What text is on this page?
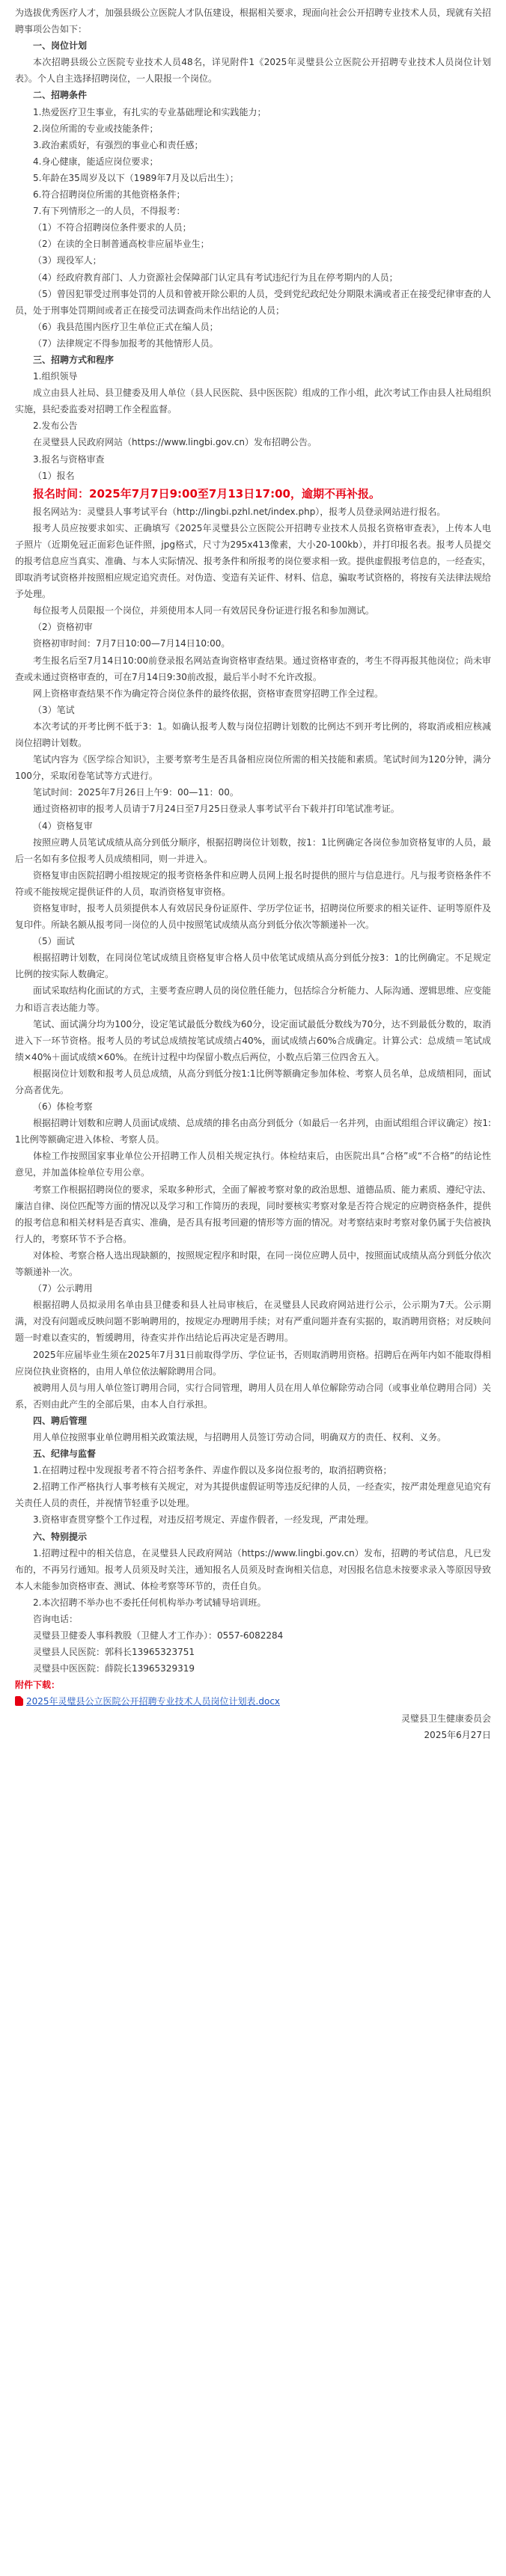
为选拔优秀医疗人才，加强县级公立医院人才队伍建设，根据相关要求，现面向社会公开招聘专业技术人员，现就有关招聘事项公告如下：

一、岗位计划

本次招聘县级公立医院专业技术人员48名，详见附件1《2025年灵璧县公立医院公开招聘专业技术人员岗位计划表》。个人自主选择招聘岗位，一人限报一个岗位。

二、招聘条件

1.热爱医疗卫生事业，有扎实的专业基础理论和实践能力；

2.岗位所需的专业或技能条件；

3.政治素质好，有强烈的事业心和责任感；

4.身心健康，能适应岗位要求；

5.年龄在35周岁及以下（1989年7月及以后出生）；

6.符合招聘岗位所需的其他资格条件；

7.有下列情形之一的人员，不得报考：

（1）不符合招聘岗位条件要求的人员；

（2）在读的全日制普通高校非应届毕业生；

（3）现役军人；

（4）经政府教育部门、人力资源社会保障部门认定具有考试违纪行为且在停考期内的人员；

（5）曾因犯罪受过刑事处罚的人员和曾被开除公职的人员，受到党纪政纪处分期限未满或者正在接受纪律审查的人员，处于刑事处罚期间或者正在接受司法调查尚未作出结论的人员；

（6）我县范围内医疗卫生单位正式在编人员；

（7）法律规定不得参加报考的其他情形人员。

三、招聘方式和程序

1.组织领导

成立由县人社局、县卫健委及用人单位（县人民医院、县中医医院）组成的工作小组，此次考试工作由县人社局组织实施，县纪委监委对招聘工作全程监督。

2.发布公告

在灵璧县人民政府网站（https://www.lingbi.gov.cn）发布招聘公告。

3.报名与资格审查

（1）报名

报名时间：2025年7月7日9:00至7月13日17:00，逾期不再补报。

报名网站为：灵璧县人事考试平台（http://lingbi.pzhl.net/index.php），报考人员登录网站进行报名。

报考人员应按要求如实、正确填写《2025年灵璧县公立医院公开招聘专业技术人员报名资格审查表》，上传本人电子照片（近期免冠正面彩色证件照，jpg格式，尺寸为295x413像素，大小20-100kb），并打印报名表。报考人员提交的报考信息应当真实、准确、与本人实际情况、报考条件和所报考的岗位要求相一致。提供虚假报考信息的，一经查实，即取消考试资格并按照相应规定追究责任。对伪造、变造有关证件、材料、信息，骗取考试资格的，将按有关法律法规给予处理。

每位报考人员限报一个岗位，并须使用本人同一有效居民身份证进行报名和参加测试。

（2）资格初审

资格初审时间：7月7日10:00—7月14日10:00。

考生报名后至7月14日10:00前登录报名网站查询资格审查结果。通过资格审查的，考生不得再报其他岗位；尚未审查或未通过资格审查的，可在7月14日9:30前改报，最后半小时不允许改报。

网上资格审查结果不作为确定符合岗位条件的最终依据，资格审查贯穿招聘工作全过程。

（3）笔试

本次考试的开考比例不低于3：1。如确认报考人数与岗位招聘计划数的比例达不到开考比例的，将取消或相应核减岗位招聘计划数。

笔试内容为《医学综合知识》，主要考察考生是否具备相应岗位所需的相关技能和素质。笔试时间为120分钟，满分100分，采取闭卷笔试等方式进行。

笔试时间：2025年7月26日上午9：00—11：00。

通过资格初审的报考人员请于7月24日至7月25日登录人事考试平台下载并打印笔试准考证。

（4）资格复审

按照应聘人员笔试成绩从高分到低分顺序，根据招聘岗位计划数，按1：1比例确定各岗位参加资格复审的人员，最后一名如有多位报考人员成绩相同，则一并进入。

资格复审由医院招聘小组按规定的报考资格条件和应聘人员网上报名时提供的照片与信息进行。凡与报考资格条件不符或不能按规定提供证件的人员，取消资格复审资格。

资格复审时，报考人员须提供本人有效居民身份证原件、学历学位证书，招聘岗位所要求的相关证件、证明等原件及复印件。所缺名额从报考同一岗位的人员中按照笔试成绩从高分到低分依次等额递补一次。

（5）面试

根据招聘计划数，在同岗位笔试成绩且资格复审合格人员中依笔试成绩从高分到低分按3：1的比例确定。不足规定比例的按实际人数确定。

面试采取结构化面试的方式，主要考查应聘人员的岗位胜任能力，包括综合分析能力、人际沟通、逻辑思维、应变能力和语言表达能力等。

笔试、面试满分均为100分，设定笔试最低分数线为60分，设定面试最低分数线为70分，达不到最低分数的，取消进入下一环节资格。报考人员的考试总成绩按笔试成绩占40%，面试成绩占60%合成确定。计算公式：总成绩＝笔试成绩×40%＋面试成绩×60%。在统计过程中均保留小数点后两位，小数点后第三位四舍五入。

根据岗位计划数和报考人员总成绩，从高分到低分按1:1比例等额确定参加体检、考察人员名单，总成绩相同，面试分高者优先。

（6）体检考察

根据招聘计划数和应聘人员面试成绩、总成绩的排名由高分到低分（如最后一名并列，由面试组组合评议确定）按1:1比例等额确定进入体检、考察人员。

体检工作按照国家事业单位公开招聘工作人员相关规定执行。体检结束后，由医院出具“合格”或“不合格”的结论性意见，并加盖体检单位专用公章。

考察工作根据招聘岗位的要求，采取多种形式，全面了解被考察对象的政治思想、道德品质、能力素质、遵纪守法、廉洁自律、岗位匹配等方面的情况以及学习和工作简历的表现，同时要核实考察对象是否符合规定的应聘资格条件，提供的报考信息和相关材料是否真实、准确，是否具有报考回避的情形等方面的情况。对考察结束时考察对象仍属于失信被执行人的，考察环节不予合格。

对体检、考察合格人选出现缺额的，按照规定程序和时限，在同一岗位应聘人员中，按照面试成绩从高分到低分依次等额递补一次。

（7）公示聘用

根据招聘人员拟录用名单由县卫健委和县人社局审核后，在灵璧县人民政府网站进行公示，公示期为7天。公示期满，对没有问题或反映问题不影响聘用的，按规定办理聘用手续；对有严重问题并查有实据的，取消聘用资格；对反映问题一时难以查实的，暂缓聘用，待查实并作出结论后再决定是否聘用。

2025年应届毕业生须在2025年7月31日前取得学历、学位证书，否则取消聘用资格。招聘后在两年内如不能取得相应岗位执业资格的，由用人单位依法解除聘用合同。

被聘用人员与用人单位签订聘用合同，实行合同管理，聘用人员在用人单位解除劳动合同（或事业单位聘用合同）关系，否则由此产生的全部后果，由本人自行承担。

四、聘后管理

用人单位按照事业单位聘用相关政策法规，与招聘用人员签订劳动合同，明确双方的责任、权利、义务。

五、纪律与监督

1.在招聘过程中发现报考者不符合招考条件、弄虚作假以及多岗位报考的，取消招聘资格；

2.招聘工作严格执行人事考核有关规定，对为其提供虚假证明等违反纪律的人员，一经查实，按严肃处理意见追究有关责任人员的责任，并视情节轻重予以处理。

3.资格审查贯穿整个工作过程，对违反招考规定、弄虚作假者，一经发现，严肃处理。

六、特别提示

1.招聘过程中的相关信息，在灵璧县人民政府网站（https://www.lingbi.gov.cn）发布，招聘的考试信息，凡已发布的，不再另行通知。报考人员须及时关注，通知报名人员须及时查询相关信息，对因报名信息未按要求录入等原因导致本人未能参加资格审查、测试、体检考察等环节的，责任自负。

2.本次招聘不举办也不委托任何机构举办考试辅导培训班。

咨询电话：

灵璧县卫健委人事科教股（卫健人才工作办）：0557-6082284

灵璧县人民医院：郭科长13965323751

灵璧县中医医院：薛院长13965329319

附件下载：

2025年灵璧县公立医院公开招聘专业技术人员岗位计划表.docx

灵璧县卫生健康委员会

2025年6月27日
